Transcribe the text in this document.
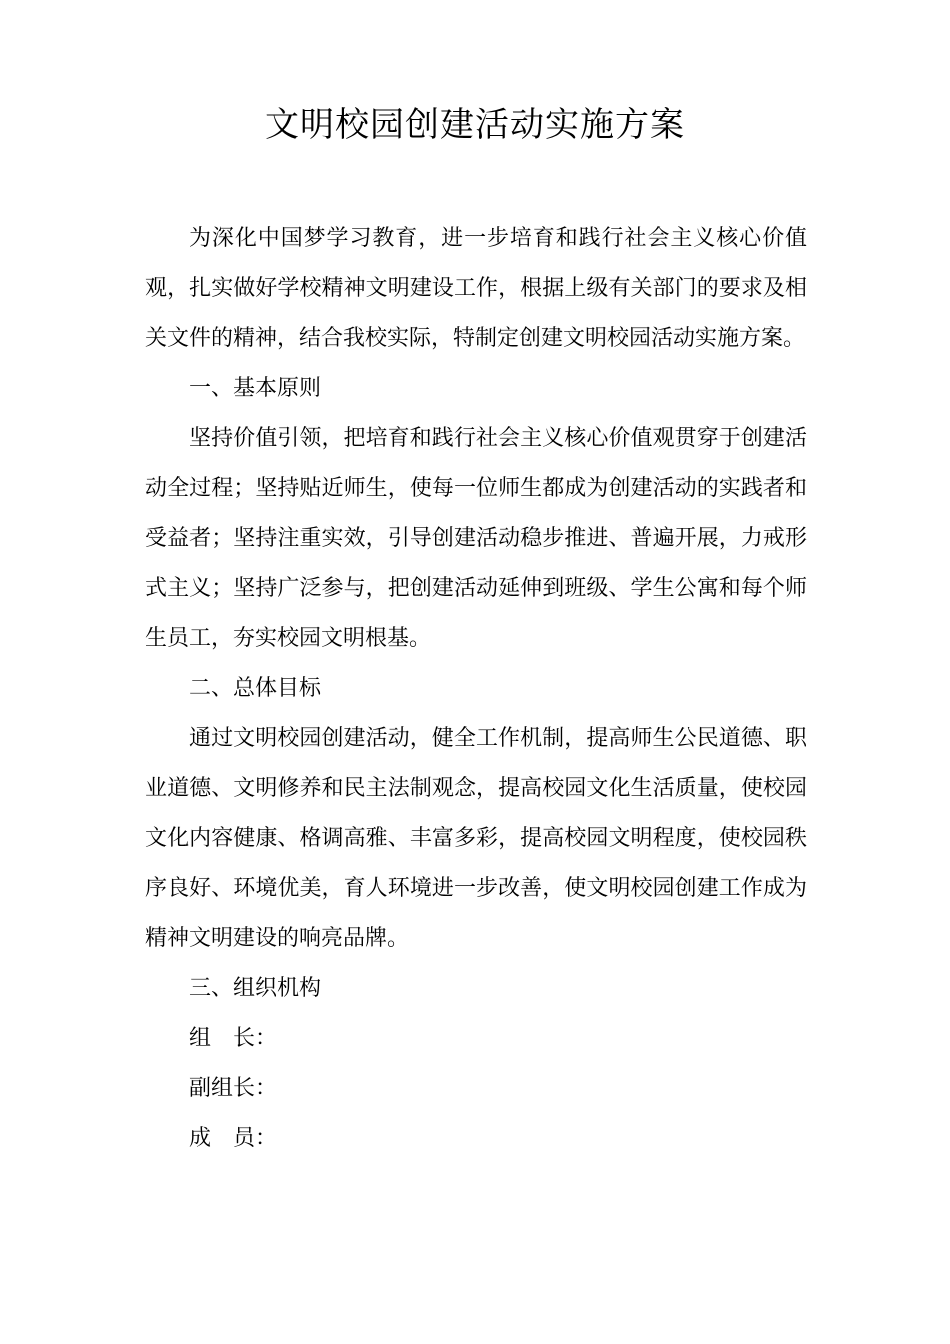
文明校园创建活动实施方案

为深化中国梦学习教育，进一步培育和践行社会主义核心价值观，扎实做好学校精神文明建设工作，根据上级有关部门的要求及相关文件的精神，结合我校实际，特制定创建文明校园活动实施方案。

一、基本原则

坚持价值引领，把培育和践行社会主义核心价值观贯穿于创建活动全过程；坚持贴近师生，使每一位师生都成为创建活动的实践者和受益者；坚持注重实效，引导创建活动稳步推进、普遍开展，力戒形式主义；坚持广泛参与，把创建活动延伸到班级、学生公寓和每个师生员工，夯实校园文明根基。

二、总体目标

通过文明校园创建活动，健全工作机制，提高师生公民道德、职业道德、文明修养和民主法制观念，提高校园文化生活质量，使校园文化内容健康、格调高雅、丰富多彩，提高校园文明程度，使校园秩序良好、环境优美，育人环境进一步改善，使文明校园创建工作成为精神文明建设的响亮品牌。

三、组织机构

组　长：

副组长：

成　员：
